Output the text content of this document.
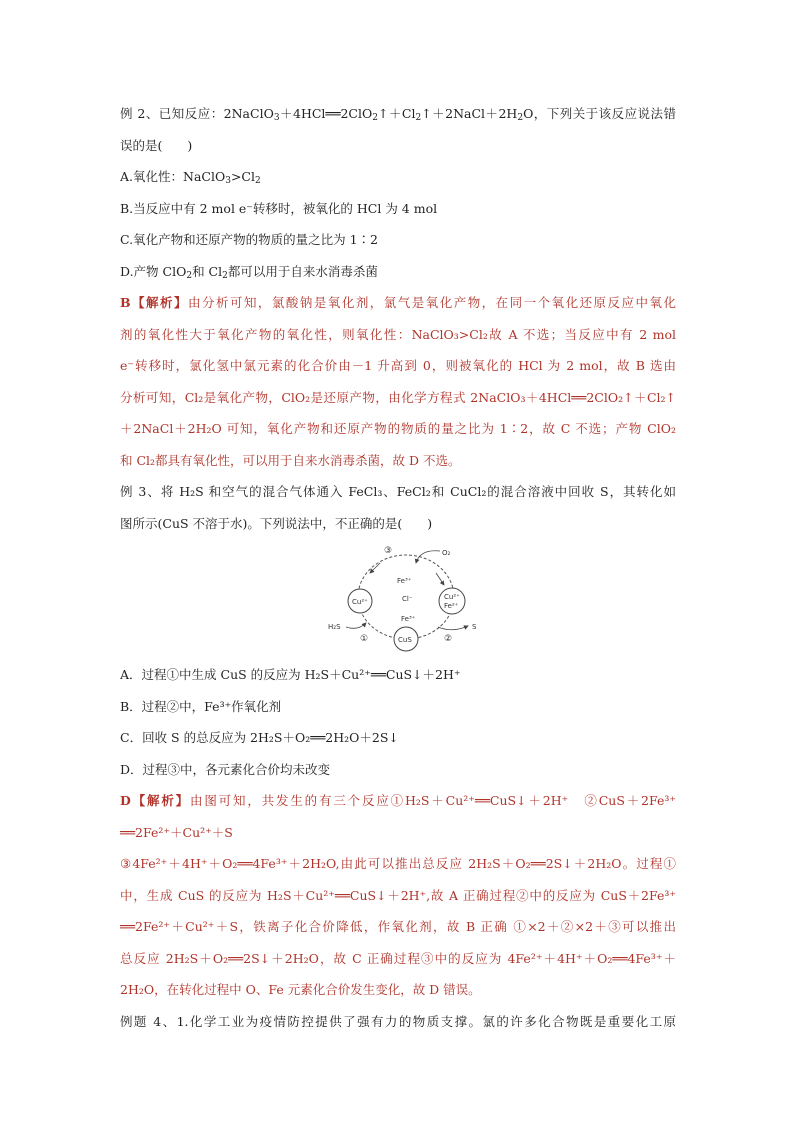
例 2、已知反应：$2NaClO_3+4HCl══2ClO_2↑+Cl_2↑+2NaCl+2H_2O$，下列关于该反应说法错
误的是(　　)
A.氧化性：$NaClO_3>Cl_2$
B.当反应中有 2 mol e⁻转移时，被氧化的 HCl 为 4 mol
C.氧化产物和还原产物的物质的量之比为 1∶2
D.产物 ClO$_2$和 $Cl_2$都可以用于自来水消毒杀菌
B【解析】由分析可知，氯酸钠是氧化剂，氯气是氧化产物，在同一个氧化还原反应中氧化
剂的氧化性大于氧化产物的氧化性，则氧化性：NaClO₃>Cl₂故 A 不选；当反应中有 2 mol
e⁻转移时，氯化氢中氯元素的化合价由－1 升高到 0，则被氧化的 HCl 为 2 mol，故 B 选由
分析可知，Cl₂是氧化产物，ClO₂是还原产物，由化学方程式 2NaClO₃＋4HCl══2ClO₂↑＋Cl₂↑
＋2NaCl＋2H₂O 可知，氧化产物和还原产物的物质的量之比为 1∶2，故 C 不选；产物 ClO₂
和 Cl₂都具有氧化性，可以用于自来水消毒杀菌，故 D 不选。
例 3、将 H₂S 和空气的混合气体通入 FeCl₃、FeCl₂和 CuCl₂的混合溶液中回收 S，其转化如
图所示(CuS 不溶于水)。下列说法中，不正确的是(　　)
Cu²⁺
Cu²⁺
Fe²⁺
CuS
Fe³⁺
Cl⁻
Fe³⁺
③
①	②
O₂
H₂S	S
A．过程①中生成 CuS 的反应为 H₂S＋Cu²⁺══CuS↓＋2H⁺
B．过程②中，Fe³⁺作氧化剂
C．回收 S 的总反应为 2H₂S＋O₂══2H₂O＋2S↓
D．过程③中，各元素化合价均未改变
D【解析】由图可知，共发生的有三个反应①H₂S＋Cu²⁺══CuS↓＋2H⁺　②CuS＋2Fe³⁺
══2Fe²⁺＋Cu²⁺＋S
③4Fe²⁺＋4H⁺＋O₂══4Fe³⁺＋2H₂O,由此可以推出总反应 2H₂S＋O₂══2S↓＋2H₂O。过程①
中，生成 CuS 的反应为 H₂S＋Cu²⁺══CuS↓＋2H⁺,故 A 正确过程②中的反应为 CuS＋2Fe³⁺
══2Fe²⁺＋Cu²⁺＋S，铁离子化合价降低，作氧化剂，故 B 正确 ①×2＋②×2＋③可以推出
总反应 2H₂S＋O₂══2S↓＋2H₂O，故 C 正确过程③中的反应为 4Fe²⁺＋4H⁺＋O₂══4Fe³⁺＋
2H₂O，在转化过程中 O、Fe 元素化合价发生变化，故 D 错误。
例题 4、1.化学工业为疫情防控提供了强有力的物质支撑。氯的许多化合物既是重要化工原
